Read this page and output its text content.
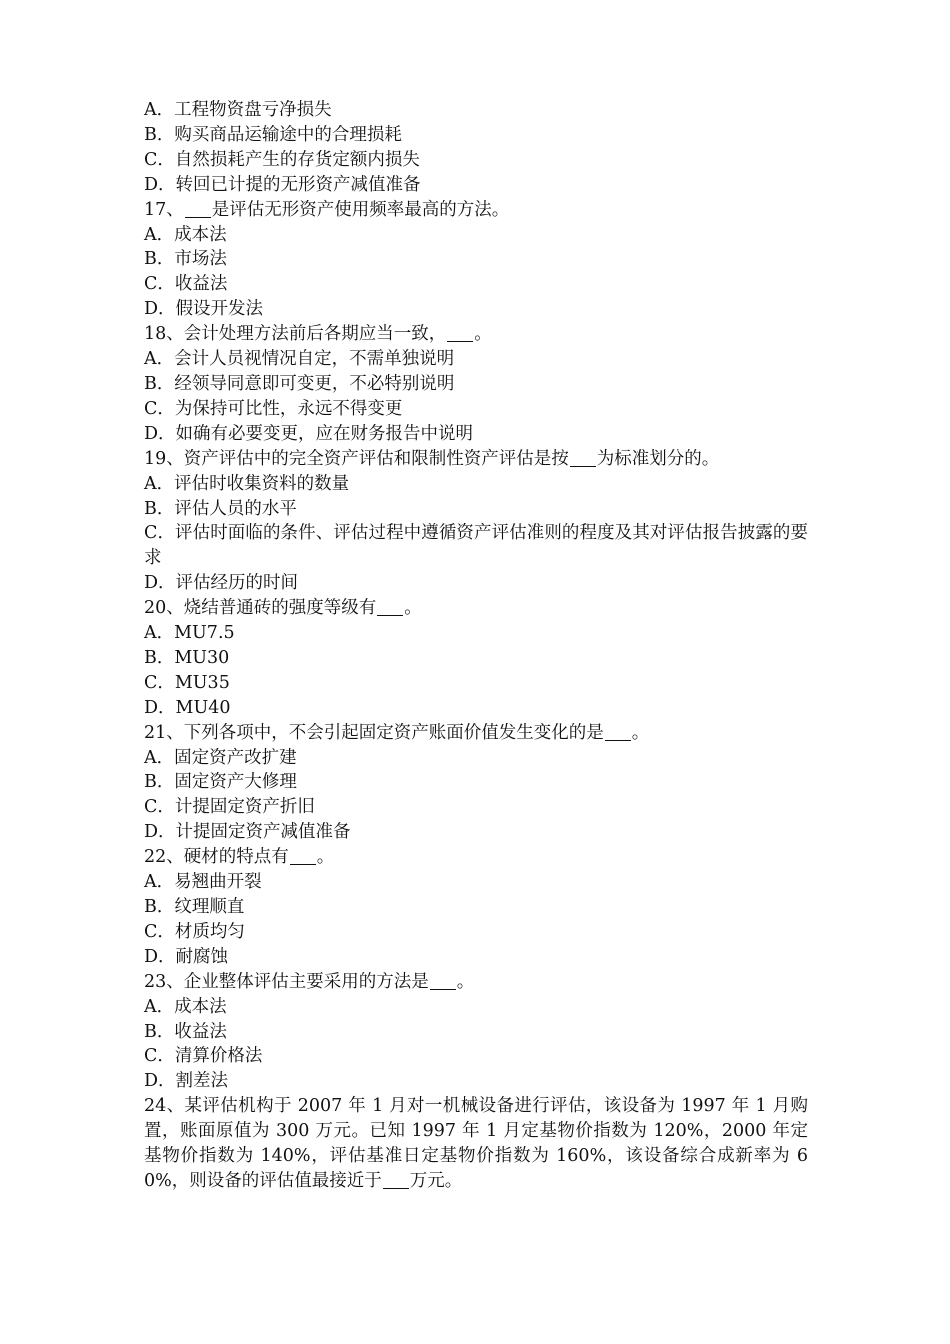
A．工程物资盘亏净损失

B．购买商品运输途中的合理损耗

C．自然损耗产生的存货定额内损失

D．转回已计提的无形资产减值准备

17、 是评估无形资产使用频率最高的方法。

A．成本法

B．市场法

C．收益法

D．假设开发法

18、会计处理方法前后各期应当一致， 。

A．会计人员视情况自定，不需单独说明

B．经领导同意即可变更，不必特别说明

C．为保持可比性，永远不得变更

D．如确有必要变更，应在财务报告中说明

19、资产评估中的完全资产评估和限制性资产评估是按 为标准划分的。

A．评估时收集资料的数量

B．评估人员的水平

C．评估时面临的条件、评估过程中遵循资产评估准则的程度及其对评估报告披露的要求

D．评估经历的时间

20、烧结普通砖的强度等级有 。

A．MU7.5

B．MU30

C．MU35

D．MU40

21、下列各项中，不会引起固定资产账面价值发生变化的是 。

A．固定资产改扩建

B．固定资产大修理

C．计提固定资产折旧

D．计提固定资产减值准备

22、硬材的特点有 。

A．易翘曲开裂

B．纹理顺直

C．材质均匀

D．耐腐蚀

23、企业整体评估主要采用的方法是 。

A．成本法

B．收益法

C．清算价格法

D．割差法

24、某评估机构于 2007 年 1 月对一机械设备进行评估，该设备为 1997 年 1 月购置，账面原值为 300 万元。已知 1997 年 1 月定基物价指数为 120%，2000 年定基物价指数为 140%，评估基准日定基物价指数为 160%，该设备综合成新率为 60%，则设备的评估值最接近于 万元。
